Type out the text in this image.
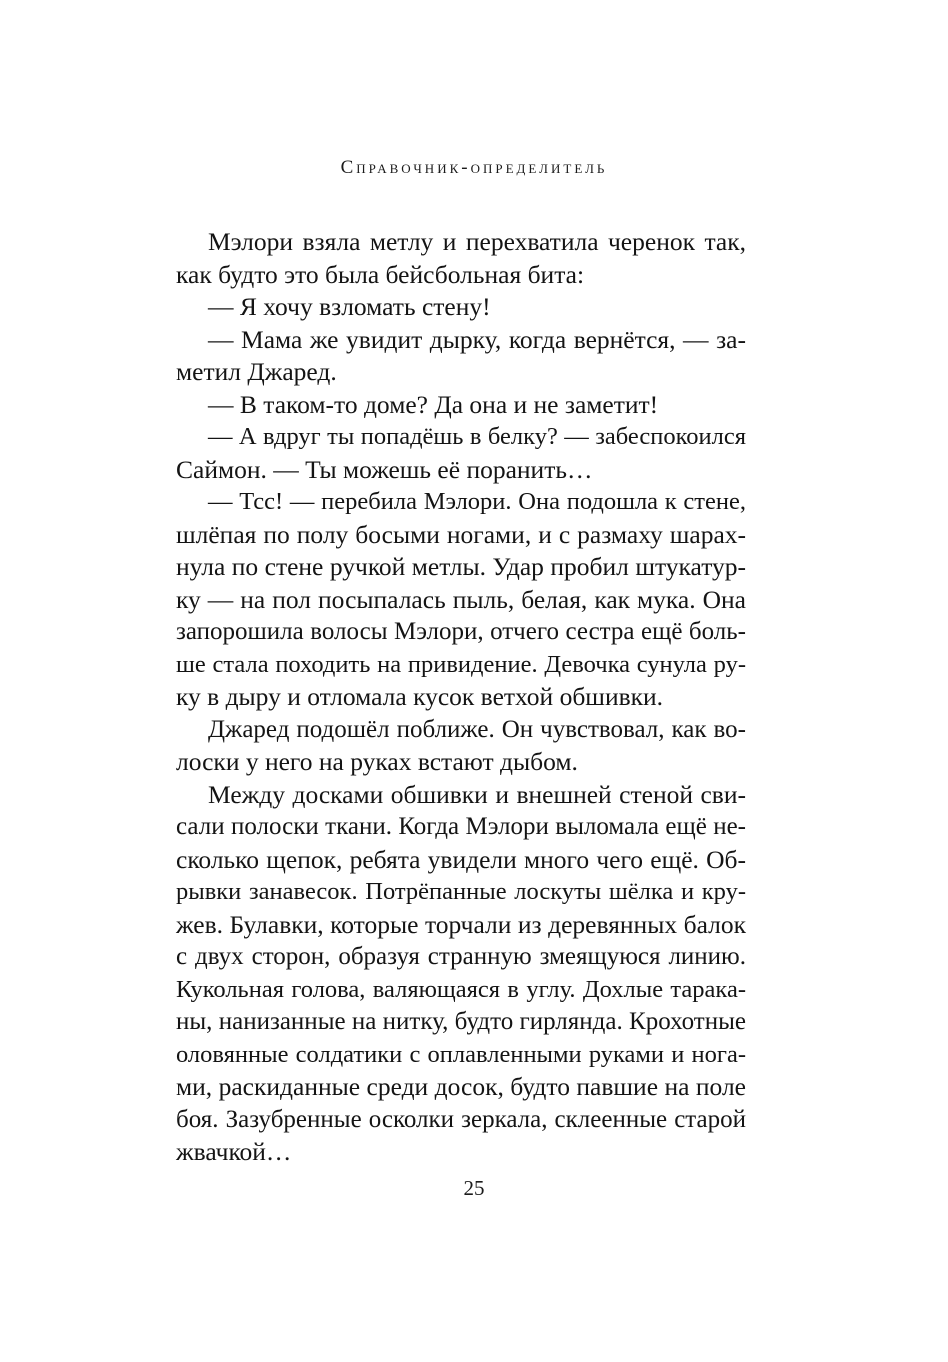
Справочник-определитель
Мэлори взяла метлу и перехватила черенок так,
как будто это была бейсбольная бита:
— Я хочу взломать стену!
— Мама же увидит дырку, когда вернётся, — за-
метил Джаред.
— В таком-то доме? Да она и не заметит!
— А вдруг ты попадёшь в белку? — забеспокоился
Саймон. — Ты можешь её поранить…
— Тсс! — перебила Мэлори. Она подошла к стене,
шлёпая по полу босыми ногами, и с размаху шарах-
нула по стене ручкой метлы. Удар пробил штукатур-
ку — на пол посыпалась пыль, белая, как мука. Она
запорошила волосы Мэлори, отчего сестра ещё боль-
ше стала походить на привидение. Девочка сунула ру-
ку в дыру и отломала кусок ветхой обшивки.
Джаред подошёл поближе. Он чувствовал, как во-
лоски у него на руках встают дыбом.
Между досками обшивки и внешней стеной сви-
сали полоски ткани. Когда Мэлори выломала ещё не-
сколько щепок, ребята увидели много чего ещё. Об-
рывки занавесок. Потрёпанные лоскуты шёлка и кру-
жев. Булавки, которые торчали из деревянных балок
с двух сторон, образуя странную змеящуюся линию.
Кукольная голова, валяющаяся в углу. Дохлые тарака-
ны, нанизанные на нитку, будто гирлянда. Крохотные
оловянные солдатики с оплавленными руками и нога-
ми, раскиданные среди досок, будто павшие на поле
боя. Зазубренные осколки зеркала, склеенные старой
жвачкой…
25
